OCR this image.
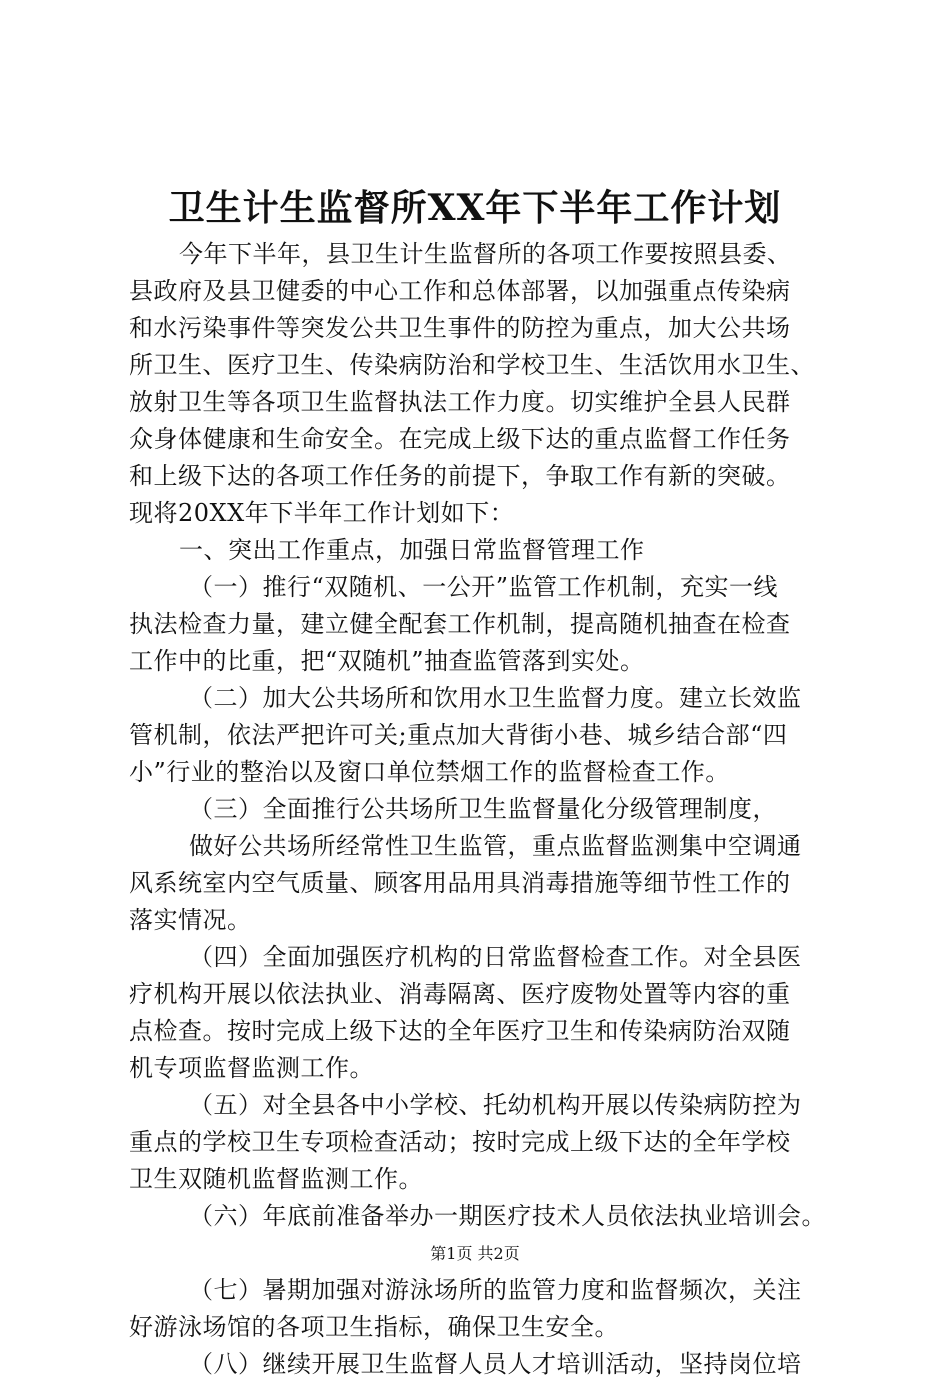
卫生计生监督所XX年下半年工作计划
今年下半年，县卫生计生监督所的各项工作要按照县委、
县政府及县卫健委的中心工作和总体部署，以加强重点传染病
和水污染事件等突发公共卫生事件的防控为重点，加大公共场
所卫生、医疗卫生、传染病防治和学校卫生、生活饮用水卫生、
放射卫生等各项卫生监督执法工作力度。切实维护全县人民群
众身体健康和生命安全。在完成上级下达的重点监督工作任务
和上级下达的各项工作任务的前提下，争取工作有新的突破。
现将20XX年下半年工作计划如下：
一、突出工作重点，加强日常监督管理工作
（一）推行“双随机、一公开”监管工作机制，充实一线
执法检查力量，建立健全配套工作机制，提高随机抽查在检查
工作中的比重，把“双随机”抽查监管落到实处。
（二）加大公共场所和饮用水卫生监督力度。建立长效监
管机制，依法严把许可关;重点加大背街小巷、城乡结合部“四
小”行业的整治以及窗口单位禁烟工作的监督检查工作。
（三）全面推行公共场所卫生监督量化分级管理制度，
做好公共场所经常性卫生监管，重点监督监测集中空调通
风系统室内空气质量、顾客用品用具消毒措施等细节性工作的
落实情况。
（四）全面加强医疗机构的日常监督检查工作。对全县医
疗机构开展以依法执业、消毒隔离、医疗废物处置等内容的重
点检查。按时完成上级下达的全年医疗卫生和传染病防治双随
机专项监督监测工作。
（五）对全县各中小学校、托幼机构开展以传染病防控为
重点的学校卫生专项检查活动；按时完成上级下达的全年学校
卫生双随机监督监测工作。
（六）年底前准备举办一期医疗技术人员依法执业培训会。
（七）暑期加强对游泳场所的监管力度和监督频次，关注
好游泳场馆的各项卫生指标，确保卫生安全。
（八）继续开展卫生监督人员人才培训活动，坚持岗位培
第1页 共2页
